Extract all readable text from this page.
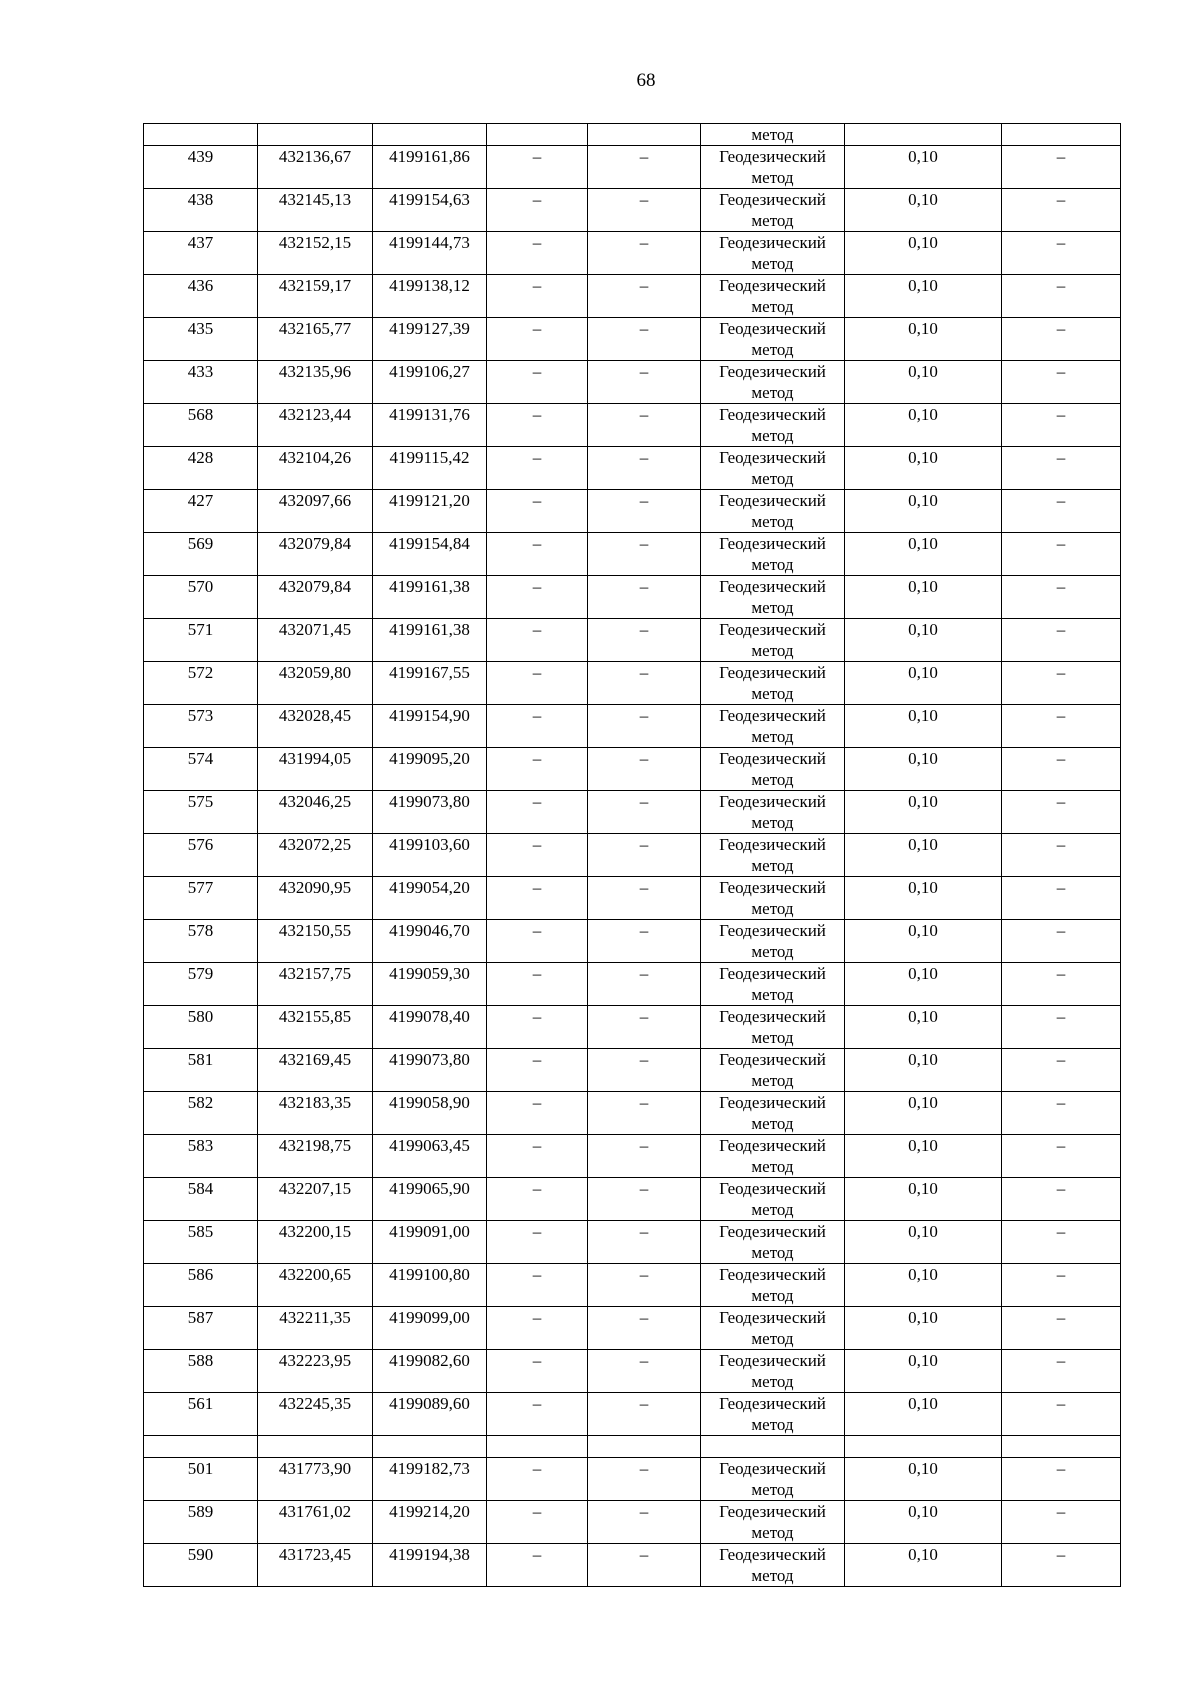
68
					метод		
439	432136,67	4199161,86	–	–	Геодезический метод	0,10	–
438	432145,13	4199154,63	–	–	Геодезический метод	0,10	–
437	432152,15	4199144,73	–	–	Геодезический метод	0,10	–
436	432159,17	4199138,12	–	–	Геодезический метод	0,10	–
435	432165,77	4199127,39	–	–	Геодезический метод	0,10	–
433	432135,96	4199106,27	–	–	Геодезический метод	0,10	–
568	432123,44	4199131,76	–	–	Геодезический метод	0,10	–
428	432104,26	4199115,42	–	–	Геодезический метод	0,10	–
427	432097,66	4199121,20	–	–	Геодезический метод	0,10	–
569	432079,84	4199154,84	–	–	Геодезический метод	0,10	–
570	432079,84	4199161,38	–	–	Геодезический метод	0,10	–
571	432071,45	4199161,38	–	–	Геодезический метод	0,10	–
572	432059,80	4199167,55	–	–	Геодезический метод	0,10	–
573	432028,45	4199154,90	–	–	Геодезический метод	0,10	–
574	431994,05	4199095,20	–	–	Геодезический метод	0,10	–
575	432046,25	4199073,80	–	–	Геодезический метод	0,10	–
576	432072,25	4199103,60	–	–	Геодезический метод	0,10	–
577	432090,95	4199054,20	–	–	Геодезический метод	0,10	–
578	432150,55	4199046,70	–	–	Геодезический метод	0,10	–
579	432157,75	4199059,30	–	–	Геодезический метод	0,10	–
580	432155,85	4199078,40	–	–	Геодезический метод	0,10	–
581	432169,45	4199073,80	–	–	Геодезический метод	0,10	–
582	432183,35	4199058,90	–	–	Геодезический метод	0,10	–
583	432198,75	4199063,45	–	–	Геодезический метод	0,10	–
584	432207,15	4199065,90	–	–	Геодезический метод	0,10	–
585	432200,15	4199091,00	–	–	Геодезический метод	0,10	–
586	432200,65	4199100,80	–	–	Геодезический метод	0,10	–
587	432211,35	4199099,00	–	–	Геодезический метод	0,10	–
588	432223,95	4199082,60	–	–	Геодезический метод	0,10	–
561	432245,35	4199089,60	–	–	Геодезический метод	0,10	–

501	431773,90	4199182,73	–	–	Геодезический метод	0,10	–
589	431761,02	4199214,20	–	–	Геодезический метод	0,10	–
590	431723,45	4199194,38	–	–	Геодезический метод	0,10	–
